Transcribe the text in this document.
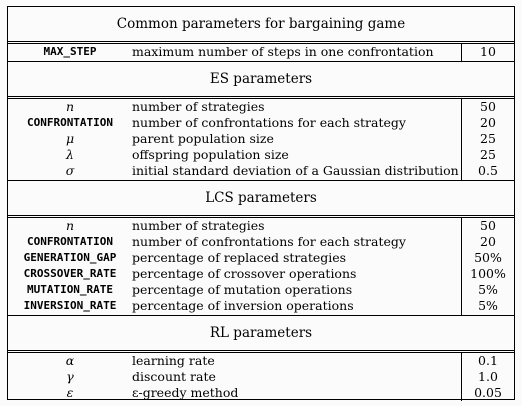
Common parameters for bargaining game		
MAX_STEP	maximum number of steps in one confrontation	10
ES parameters		
n	number of strategies	50
CONFRONTATION	number of confrontations for each strategy	20
μ	parent population size	25
λ	offspring population size	25
σ	initial standard deviation of a Gaussian distribution	0.5
LCS parameters		
n	number of strategies	50
CONFRONTATION	number of confrontations for each strategy	20
GENERATION_GAP	percentage of replaced strategies	50%
CROSSOVER_RATE	percentage of crossover operations	100%
MUTATION_RATE	percentage of mutation operations	5%
INVERSION_RATE	percentage of inversion operations	5%
RL parameters		
α	learning rate	0.1
γ	discount rate	1.0
ε	ε-greedy method	0.05
